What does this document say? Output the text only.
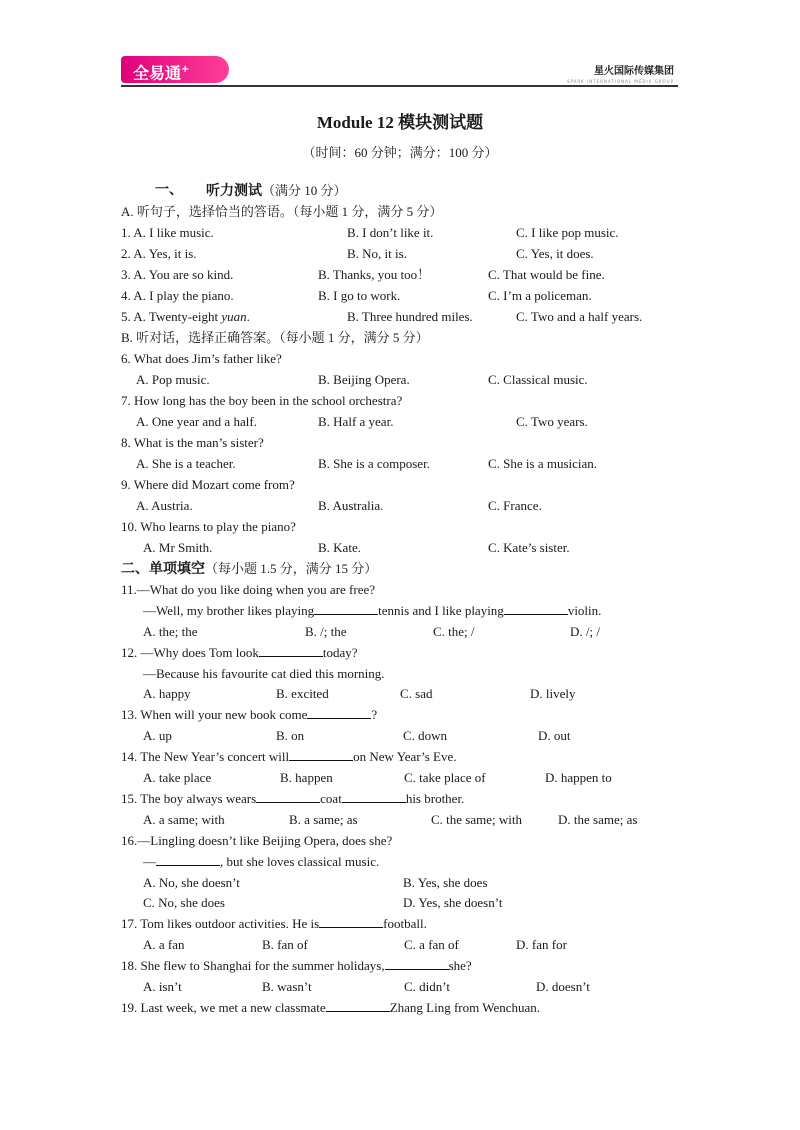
全易通+	星火国际传媒集团
SPARK INTERNATIONAL MEDIA GROUP
Module 12 模块测试题
（时间：60 分钟；满分：100 分）
一、 听力测试（满分 10 分）
A. 听句子，选择恰当的答语。（每小题 1 分，满分 5 分）
1. A. I like music.	B. I don’t like it.	C. I like pop music.
2. A. Yes, it is.	B. No, it is.	C. Yes, it does.
3. A. You are so kind.	B. Thanks, you too！	C. That would be fine.
4. A. I play the piano.	B. I go to work.	C. I’m a policeman.
5. A. Twenty-eight yuan.	B. Three hundred miles.	C. Two and a half years.
B. 听对话，选择正确答案。（每小题 1 分，满分 5 分）
6. What does Jim’s father like?
A. Pop music.	B. Beijing Opera.	C. Classical music.
7. How long has the boy been in the school orchestra?
A. One year and a half.	B. Half a year.	C. Two years.
8. What is the man’s sister?
A. She is a teacher.	B. She is a composer.	C. She is a musician.
9. Where did Mozart come from?
A. Austria.	B. Australia.	C. France.
10. Who learns to play the piano?
A. Mr Smith.	B. Kate.	C. Kate’s sister.
二、单项填空（每小题 1.5 分，满分 15 分）
11.—What do you like doing when you are free?
—Well, my brother likes playing	tennis and I like playing	violin.
A. the; the	B. /; the	C. the; /	D. /; /
12. —Why does Tom look	today?
—Because his favourite cat died this morning.
A. happy	B. excited	C. sad	D. lively
13. When will your new book come	?
A. up	B. on	C. down	D. out
14. The New Year’s concert will	on New Year’s Eve.
A. take place	B. happen	C. take place of	D. happen to
15. The boy always wears	coat	his brother.
A. a same; with	B. a same; as	C. the same; with	D. the same; as
16.—Lingling doesn’t like Beijing Opera, does she?
—	, but she loves classical music.
A. No, she doesn’t	B. Yes, she does
C. No, she does	D. Yes, she doesn’t
17. Tom likes outdoor activities. He is	football.
A. a fan	B. fan of	C. a fan of	D. fan for
18. She flew to Shanghai for the summer holidays,	she?
A. isn’t	B. wasn’t	C. didn’t	D. doesn’t
19. Last week, we met a new classmate	Zhang Ling from Wenchuan.
